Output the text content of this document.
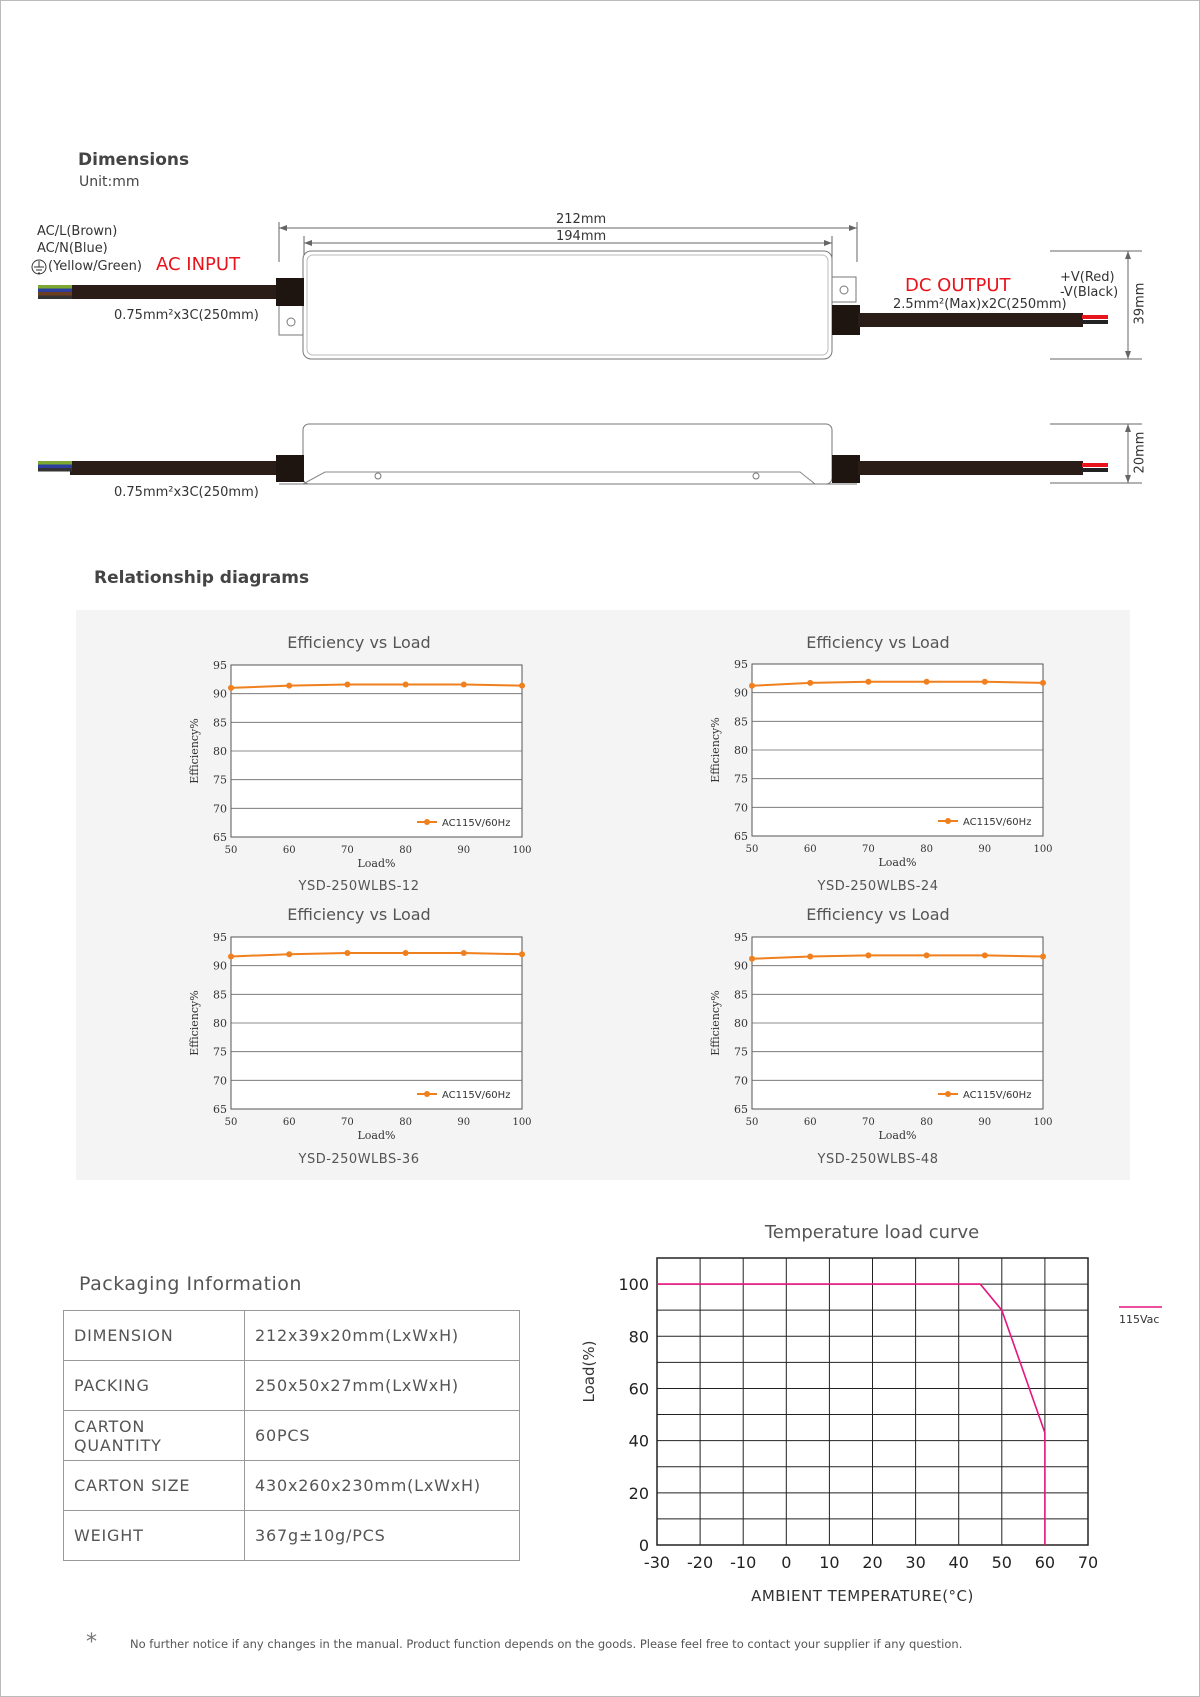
Dimensions
Unit:mm
212mm
194mm
AC/L(Brown)
AC/N(Blue)
(Yellow/Green) AC INPUT
DC OUTPUT	+V(Red)
-V(Black)
0.75mm²x3C(250mm)
2.5mm²(Max)x2C(250mm)	39mm
20mm
0.75mm²x3C(250mm)
Relationship diagrams
Efficiency vs Load	Efficiency vs Load
Efficiency vs Load	Efficiency vs Load
65
70
75
80
85
90
95
50	60	70	80	90	100
Load%
Efficiency%
AC115V/60Hz
65
70
75
80
85
90
95
50	60	70	80	90	100
Load%
Efficiency%
AC115V/60Hz
65
70
75
80
85
90
95
50	60	70	80	90	100
Load%
Efficiency%
AC115V/60Hz
65
70
75
80
85
90
95
50	60	70	80	90	100
Load%
Efficiency%
AC115V/60Hz
0
20
40
60
80
100
-30 -20 -10 0 10 20 30 40 50 60 70
AMBIENT TEMPERATURE(°C)
Load(%)
115Vac
YSD-250WLBS-12	YSD-250WLBS-24
YSD-250WLBS-36	YSD-250WLBS-48
Packaging Information
DIMENSION	212x39x20mm(LxWxH)
PACKING	250x50x27mm(LxWxH)
CARTON QUANTITY	60PCS
CARTON SIZE	430x260x230mm(LxWxH)
WEIGHT	367g±10g/PCS
Temperature load curve
*	No further notice if any changes in the manual. Product function depends on the goods. Please feel free to contact your supplier if any question.
